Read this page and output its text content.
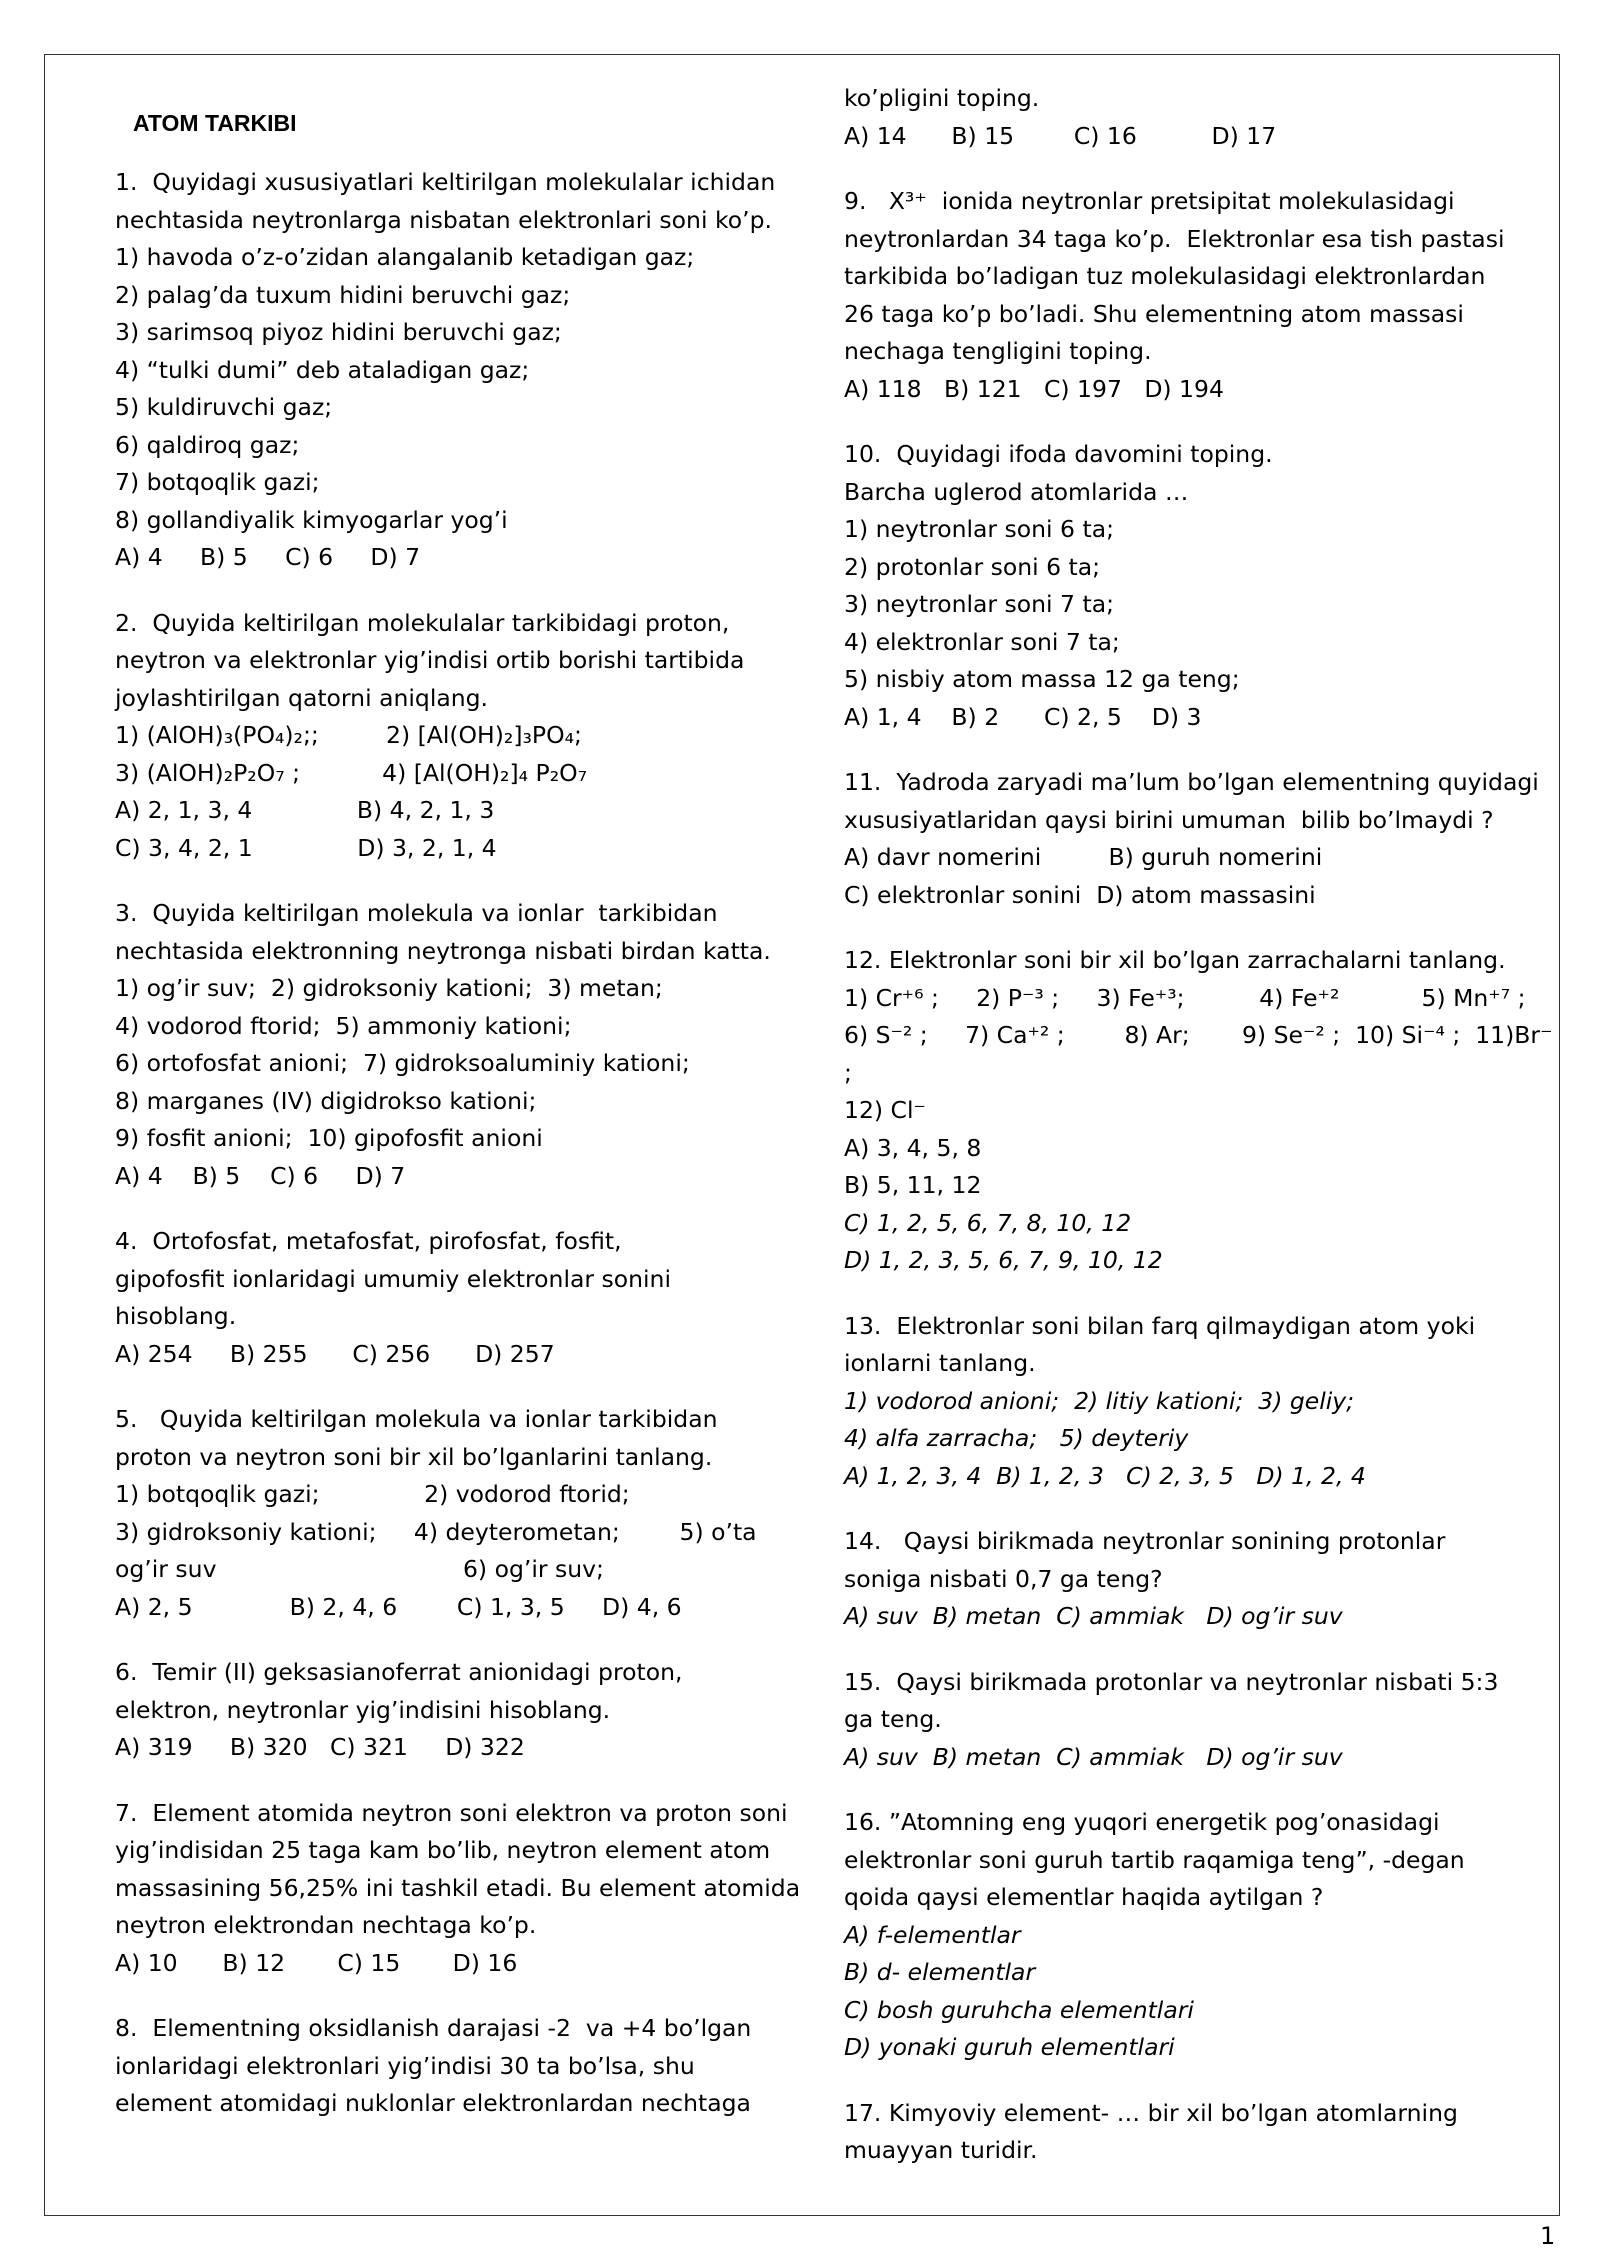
ATOM TARKIBI

1.  Quyidagi xususiyatlari keltirilgan molekulalar ichidan

nechtasida neytronlarga nisbatan elektronlari soni ko’p.

1) havoda o’z-o’zidan alangalanib ketadigan gaz;

2) palag’da tuxum hidini beruvchi gaz;

3) sarimsoq piyoz hidini beruvchi gaz;

4) “tulki dumi” deb ataladigan gaz;

5) kuldiruvchi gaz;

6) qaldiroq gaz;

7) botqoqlik gazi;

8) gollandiyalik kimyogarlar yog’i

A) 4     B) 5     C) 6     D) 7

2.  Quyida keltirilgan molekulalar tarkibidagi proton,

neytron va elektronlar yig’indisi ortib borishi tartibida

joylashtirilgan qatorni aniqlang.

1) (AlOH)₃(PO₄)₂;;         2) [Al(OH)₂]₃PO₄;

3) (AlOH)₂P₂O₇ ;           4) [Al(OH)₂]₄ P₂O₇

A) 2, 1, 3, 4              B) 4, 2, 1, 3

C) 3, 4, 2, 1              D) 3, 2, 1, 4

3.  Quyida keltirilgan molekula va ionlar  tarkibidan

nechtasida elektronning neytronga nisbati birdan katta.

1) og’ir suv;  2) gidroksoniy kationi;  3) metan;

4) vodorod ftorid;  5) ammoniy kationi;

6) ortofosfat anioni;  7) gidroksoaluminiy kationi;

8) marganes (IV) digidrokso kationi;

9) fosfit anioni;  10) gipofosfit anioni

A) 4    B) 5    C) 6     D) 7

4.  Ortofosfat, metafosfat, pirofosfat, fosfit,

gipofosfit ionlaridagi umumiy elektronlar sonini

hisoblang.

A) 254     B) 255      C) 256      D) 257

5.   Quyida keltirilgan molekula va ionlar tarkibidan

proton va neytron soni bir xil bo’lganlarini tanlang.

1) botqoqlik gazi;              2) vodorod ftorid;

3) gidroksoniy kationi;     4) deyterometan;        5) o’ta

og’ir suv                                 6) og’ir suv;

A) 2, 5             B) 2, 4, 6        C) 1, 3, 5     D) 4, 6

6.  Temir (II) geksasianoferrat anionidagi proton,

elektron, neytronlar yig’indisini hisoblang.

A) 319     B) 320   C) 321     D) 322

7.  Element atomida neytron soni elektron va proton soni

yig’indisidan 25 taga kam bo’lib, neytron element atom

massasining 56,25% ini tashkil etadi. Bu element atomida

neytron elektrondan nechtaga ko’p.

A) 10      B) 12       C) 15       D) 16

8.  Elementning oksidlanish darajasi -2  va +4 bo’lgan

ionlaridagi elektronlari yig’indisi 30 ta bo’lsa, shu

element atomidagi nuklonlar elektronlardan nechtaga

ko’pligini toping.

A) 14      B) 15        C) 16          D) 17

9.   X³⁺  ionida neytronlar pretsipitat molekulasidagi

neytronlardan 34 taga ko’p.  Elektronlar esa tish pastasi

tarkibida bo’ladigan tuz molekulasidagi elektronlardan

26 taga ko’p bo’ladi. Shu elementning atom massasi

nechaga tengligini toping.

A) 118   B) 121   C) 197   D) 194

10.  Quyidagi ifoda davomini toping.

Barcha uglerod atomlarida …

1) neytronlar soni 6 ta;

2) protonlar soni 6 ta;

3) neytronlar soni 7 ta;

4) elektronlar soni 7 ta;

5) nisbiy atom massa 12 ga teng;

A) 1, 4    B) 2      C) 2, 5    D) 3

11.  Yadroda zaryadi ma’lum bo’lgan elementning quyidagi

xususiyatlaridan qaysi birini umuman  bilib bo’lmaydi ?

A) davr nomerini         B) guruh nomerini

C) elektronlar sonini  D) atom massasini

12. Elektronlar soni bir xil bo’lgan zarrachalarni tanlang.

1) Cr⁺⁶ ;     2) P⁻³ ;     3) Fe⁺³;          4) Fe⁺²           5) Mn⁺⁷ ;

6) S⁻² ;     7) Ca⁺² ;        8) Ar;       9) Se⁻² ;  10) Si⁻⁴ ;  11)Br⁻ ;

12) Cl⁻

A) 3, 4, 5, 8

B) 5, 11, 12

C) 1, 2, 5, 6, 7, 8, 10, 12

D) 1, 2, 3, 5, 6, 7, 9, 10, 12

13.  Elektronlar soni bilan farq qilmaydigan atom yoki

ionlarni tanlang.

1) vodorod anioni;  2) litiy kationi;  3) geliy;

4) alfa zarracha;   5) deyteriy

A) 1, 2, 3, 4  B) 1, 2, 3   C) 2, 3, 5   D) 1, 2, 4

14.   Qaysi birikmada neytronlar sonining protonlar

soniga nisbati 0,7 ga teng?

A) suv  B) metan  C) ammiak   D) og’ir suv

15.  Qaysi birikmada protonlar va neytronlar nisbati 5:3

ga teng.

A) suv  B) metan  C) ammiak   D) og’ir suv

16. ”Atomning eng yuqori energetik pog’onasidagi

elektronlar soni guruh tartib raqamiga teng”, -degan

qoida qaysi elementlar haqida aytilgan ?

A) f-elementlar

B) d- elementlar

C) bosh guruhcha elementlari

D) yonaki guruh elementlari

17. Kimyoviy element- … bir xil bo’lgan atomlarning

muayyan turidir.

1
